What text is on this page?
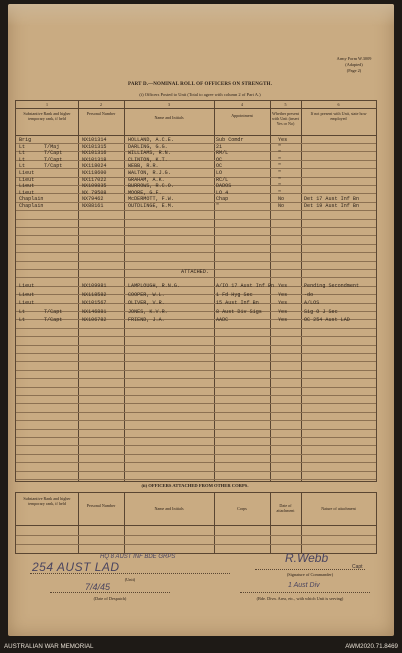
Army Form W.3009
(Adapted)
(Page 2)
PART D.—NOMINAL ROLL OF OFFICERS ON STRENGTH.
(i) Officers Posted to Unit (Total to agree with column 2 of Part A.)
1	2	3	4	5	6
Substantive Rank and higher temporary rank, if held
Personal Number
Name and Initials	Appointment	Whether present with Unit (insert Yes or No)
If not present with Unit, state how employed
ATTACHED.
Brig	NX101314	HOLLAND, A.C.E.	Sub Comdr	Yes
Lt	T/Maj	NX101315	DARLING, G.G.	2i	"
Lt	T/Capt	NX101316	WILLIAMS, R.N.	RM/L	"
Lt	T/Capt	NX101318	CLINTON, K.T.	OC	"
Lt	T/Capt	NX118024	WEBB, R.R.	OC	"
Lieut	NX118600	WALTON, R.J.G.	LO	"
Lieut	NX117022	GRAHAM, A.K.	RC/L	"
Lieut	NX109835	BURROWS, R.C.O.	DADOS	"
Lieut	NX 79508	MOORE, G.F.	LO 4	"
Chaplain	NX79462	McDERMOTT, F.W.	Chap	No	Det 17 Aust Inf Bn
Chaplain	NX88161	OUTDLINGE, E.M.	"	No	Det 19 Aust Inf Bn
Lieut	NX109981	LAMPLOUGH, R.N.G.	A/IO 17 Aust Inf Bn Yes	Pending Secondment
Lieut	NX118582	COOPER, W.L.	1 Fd Hyg Sec	Yes	-do
Lieut	NX101567	OLIVER, V.R.	15 Aust Inf Bn	Yes	A/LOS
Lt	T/Capt	NX146881	JONES, K.V.R.	8 Aust Div Sigs	Yes	Sig O J Sec
Lt	T/Capt	NX106782	FRIEND, J.A.	AADC	Yes	OC 254 Aust LAD
(ii) OFFICERS ATTACHED FROM OTHER CORPS.
Substantive Rank and higher temporary rank, if held	Personal Number
Name and Initials	Corps
Date of attachment	Nature of attachment
HQ 8 AUST INF BDE GRPS
254 AUST LAD
(Unit)
7/4/45
(Date of Despatch)
R.Webb
Capt
(Signature of Commander)
1 Aust Div
(Bde. Divn. Area, etc., with which Unit is serving)
AUSTRALIAN WAR MEMORIAL	AWM2020.71.8469
